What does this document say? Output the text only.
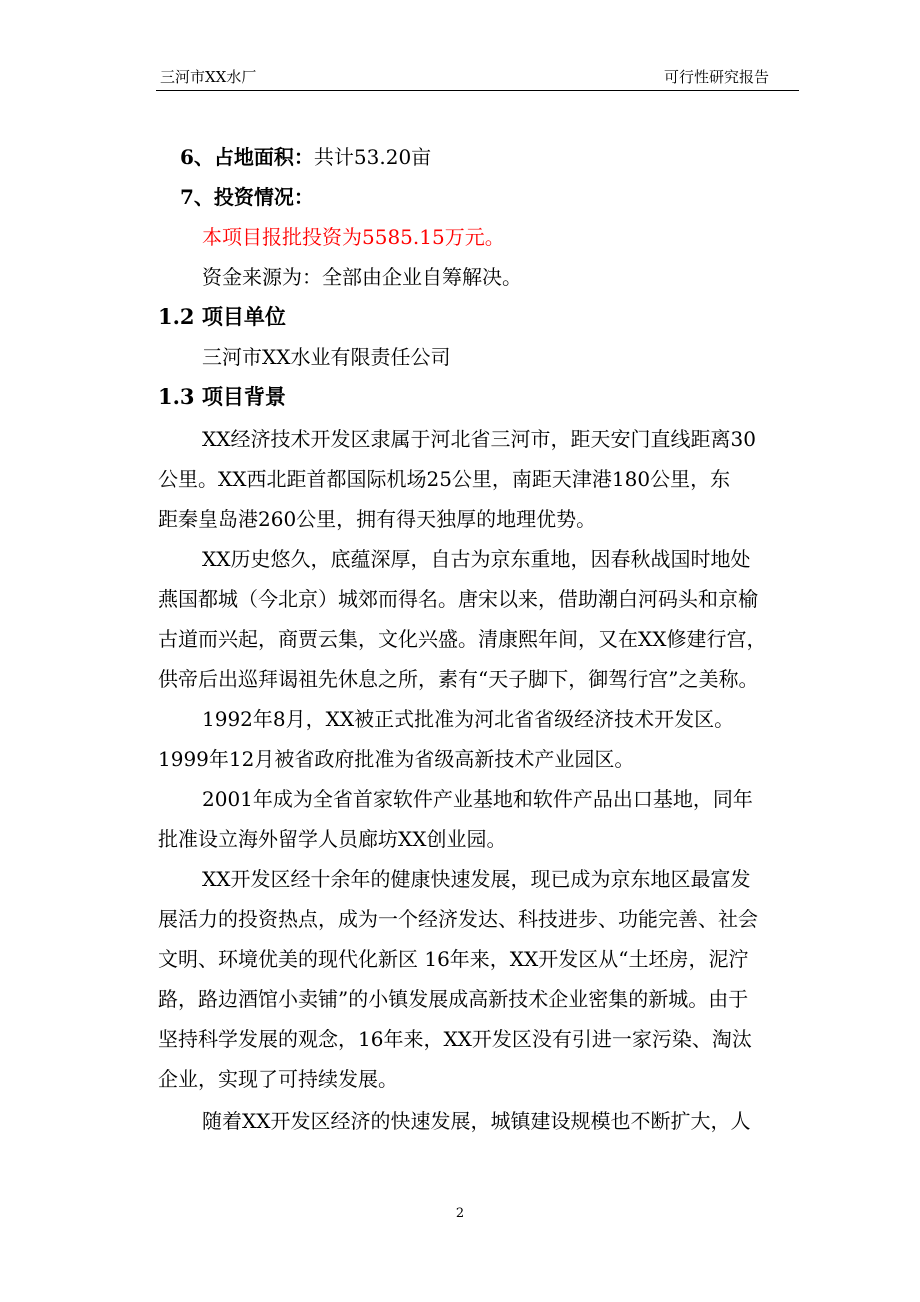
三河市XX水厂	可行性研究报告
6、占地面积：共计53.20亩
7、投资情况：
本项目报批投资为5585.15万元。
资金来源为：全部由企业自筹解决。
1.2 项目单位
三河市XX水业有限责任公司
1.3 项目背景
XX经济技术开发区隶属于河北省三河市，距天安门直线距离30
公里。XX西北距首都国际机场25公里，南距天津港180公里，东
距秦皇岛港260公里，拥有得天独厚的地理优势。
XX历史悠久，底蕴深厚，自古为京东重地，因春秋战国时地处
燕国都城（今北京）城郊而得名。唐宋以来，借助潮白河码头和京榆
古道而兴起，商贾云集，文化兴盛。清康熙年间，又在XX修建行宫，
供帝后出巡拜谒祖先休息之所，素有“天子脚下，御驾行宫”之美称。
1992年8月，XX被正式批准为河北省省级经济技术开发区。
1999年12月被省政府批准为省级高新技术产业园区。
2001年成为全省首家软件产业基地和软件产品出口基地，同年
批准设立海外留学人员廊坊XX创业园。
XX开发区经十余年的健康快速发展，现已成为京东地区最富发
展活力的投资热点，成为一个经济发达、科技进步、功能完善、社会
文明、环境优美的现代化新区 16年来，XX开发区从“土坯房，泥泞
路，路边酒馆小卖铺”的小镇发展成高新技术企业密集的新城。由于
坚持科学发展的观念，16年来，XX开发区没有引进一家污染、淘汰
企业，实现了可持续发展。
随着XX开发区经济的快速发展，城镇建设规模也不断扩大，人
2
